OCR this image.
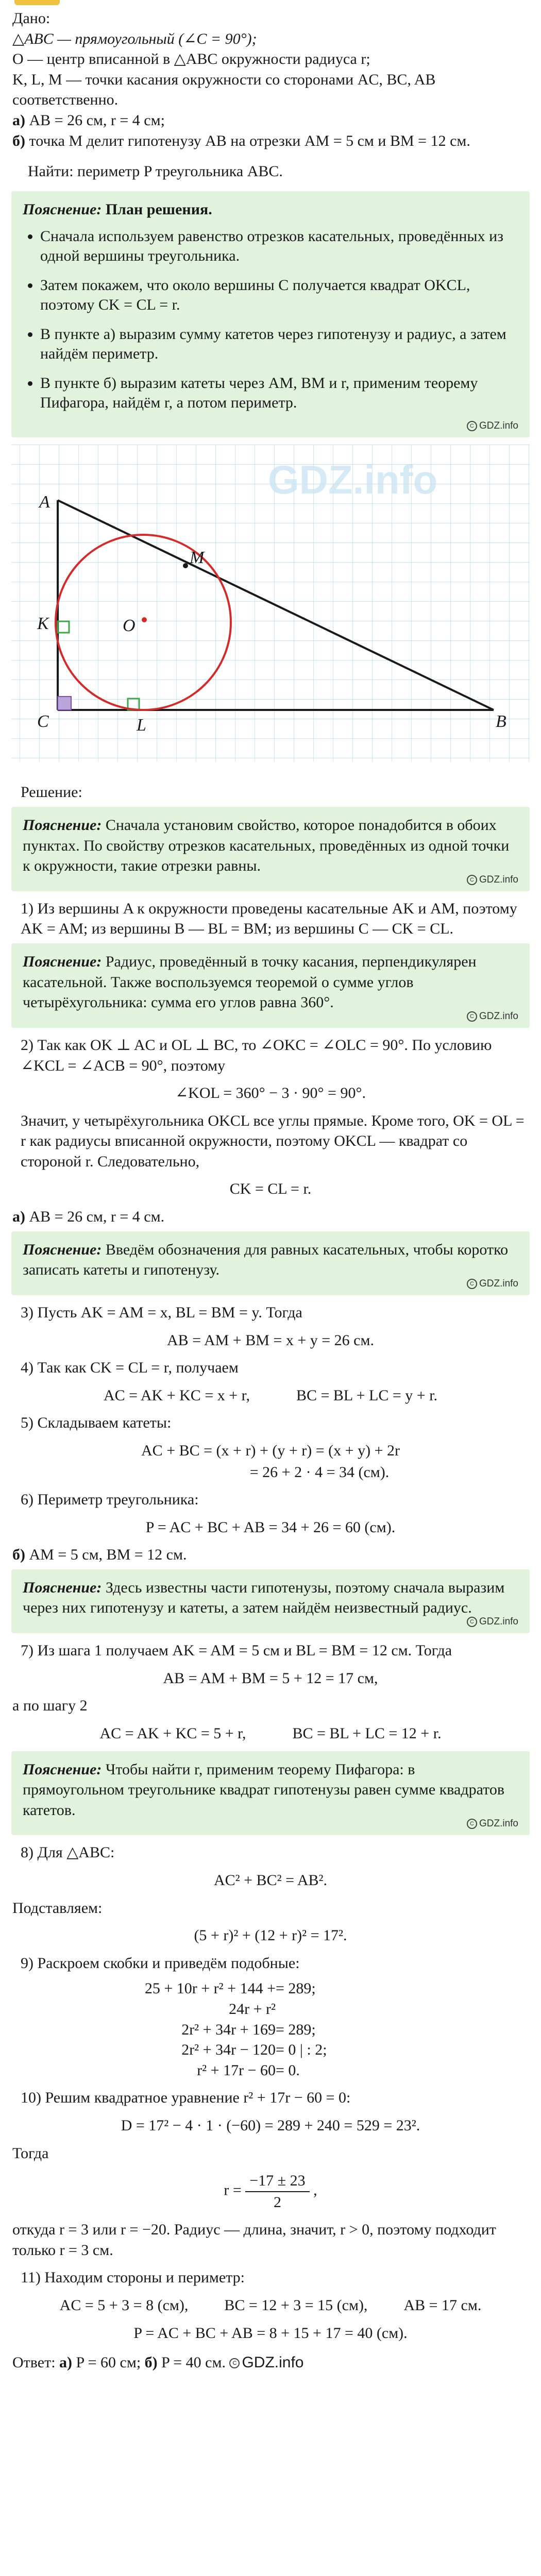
Дано:

△ABC — прямоугольный (∠C = 90°);

O — центр вписанной в △ABC окружности радиуса r;

K, L, M — точки касания окружности со сторонами AC, BC, AB соответственно.

а) AB = 26 см, r = 4 см;

б) точка M делит гипотенузу AB на отрезки AM = 5 см и BM = 12 см.

Найти: периметр P треугольника ABC.

Пояснение: План решения.
• Сначала используем равенство отрезков касательных, проведённых из одной вершины треугольника.
• Затем покажем, что около вершины C получается квадрат OKCL, поэтому CK = CL = r.
• В пункте а) выразим сумму катетов через гипотенузу и радиус, а затем найдём периметр.
• В пункте б) выразим катеты через AM, BM и r, применим теорему Пифагора, найдём r, а потом периметр.
C GDZ.info
GDZ.info
A
B
C
K
L
M
O

Решение:

Пояснение: Сначала установим свойство, которое понадобится в обоих пунктах. По свойству отрезков касательных, проведённых из одной точки к окружности, такие отрезки равны.
C GDZ.info

1) Из вершины A к окружности проведены касательные AK и AM, поэтому AK = AM; из вершины B — BL = BM; из вершины C — CK = CL.

Пояснение: Радиус, проведённый в точку касания, перпендикулярен касательной. Также воспользуемся теоремой о сумме углов четырёхугольника: сумма его углов равна 360°.
C GDZ.info

2) Так как OK ⊥ AC и OL ⊥ BC, то ∠OKC = ∠OLC = 90°. По условию ∠KCL = ∠ACB = 90°, поэтому

∠KOL = 360° − 3 · 90° = 90°.

Значит, у четырёхугольника OKCL все углы прямые. Кроме того, OK = OL = r как радиусы вписанной окружности, поэтому OKCL — квадрат со стороной r. Следовательно,

CK = CL = r.

а) AB = 26 см, r = 4 см.

Пояснение: Введём обозначения для равных касательных, чтобы коротко записать катеты и гипотенузу.
C GDZ.info

3) Пусть AK = AM = x, BL = BM = y. Тогда

AB = AM + BM = x + y = 26 см.

4) Так как CK = CL = r, получаем

AC = AK + KC = x + r,	BC = BL + LC = y + r.

5) Складываем катеты:

AC + BC = (x + r) + (y + r) = (x + y) + 2r

= 26 + 2 · 4 = 34 (см).

6) Периметр треугольника:

P = AC + BC + AB = 34 + 26 = 60 (см).

б) AM = 5 см, BM = 12 см.

Пояснение: Здесь известны части гипотенузы, поэтому сначала выразим через них гипотенузу и катеты, а затем найдём неизвестный радиус.
C GDZ.info

7) Из шага 1 получаем AK = AM = 5 см и BL = BM = 12 см. Тогда

AB = AM + BM = 5 + 12 = 17 см,

а по шагу 2

AC = AK + KC = 5 + r,	BC = BL + LC = 12 + r.
Пояснение: Чтобы найти r, применим теорему Пифагора: в прямоугольном треугольнике квадрат гипотенузы равен сумме квадратов катетов.
C GDZ.info

8) Для △ABC:

AC² + BC² = AB².

Подставляем:

(5 + r)² + (12 + r)² = 17².

9) Раскроем скобки и приведём подобные:

25 + 10r + r² + 144 + 24r + r²
= 289;
2r² + 34r + 169 = 289;
2r² + 34r − 120 = 0 | : 2;
r² + 17r − 60 = 0.

10) Решим квадратное уравнение r² + 17r − 60 = 0:

D = 17² − 4 · 1 · (−60) = 289 + 240 = 529 = 23².

Тогда

$r = \frac{-17 \pm 23}{2}$ ,

откуда r = 3 или r = −20. Радиус — длина, значит, r > 0, поэтому подходит только r = 3 см.

11) Находим стороны и периметр:

AC = 5 + 3 = 8 (см), BC = 12 + 3 = 15 (см), AB = 17 см.

P = AC + BC + AB = 8 + 15 + 17 = 40 (см).

Ответ: а) P = 60 см; б) P = 40 см. C GDZ.info
